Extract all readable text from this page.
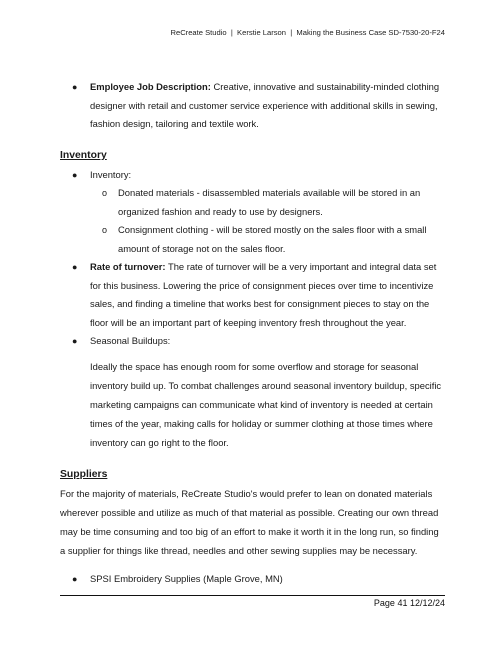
ReCreate Studio  |  Kerstie Larson  |  Making the Business Case SD-7530-20-F24
● Employee Job Description: Creative, innovative and sustainability-minded clothing designer with retail and customer service experience with additional skills in sewing, fashion design, tailoring and textile work.
Inventory
● Inventory:
o Donated materials - disassembled materials available will be stored in an organized fashion and ready to use by designers.
o Consignment clothing - will be stored mostly on the sales floor with a small amount of storage not on the sales floor.
● Rate of turnover: The rate of turnover will be a very important and integral data set for this business. Lowering the price of consignment pieces over time to incentivize sales, and finding a timeline that works best for consignment pieces to stay on the floor will be an important part of keeping inventory fresh throughout the year.
● Seasonal Buildups:
Ideally the space has enough room for some overflow and storage for seasonal inventory build up. To combat challenges around seasonal inventory buildup, specific marketing campaigns can communicate what kind of inventory is needed at certain times of the year, making calls for holiday or summer clothing at those times where inventory can go right to the floor.
Suppliers
For the majority of materials, ReCreate Studio's would prefer to lean on donated materials wherever possible and utilize as much of that material as possible. Creating our own thread may be time consuming and too big of an effort to make it worth it in the long run, so finding a supplier for things like thread, needles and other sewing supplies may be necessary.
● SPSI Embroidery Supplies (Maple Grove, MN)
Page 41 12/12/24
